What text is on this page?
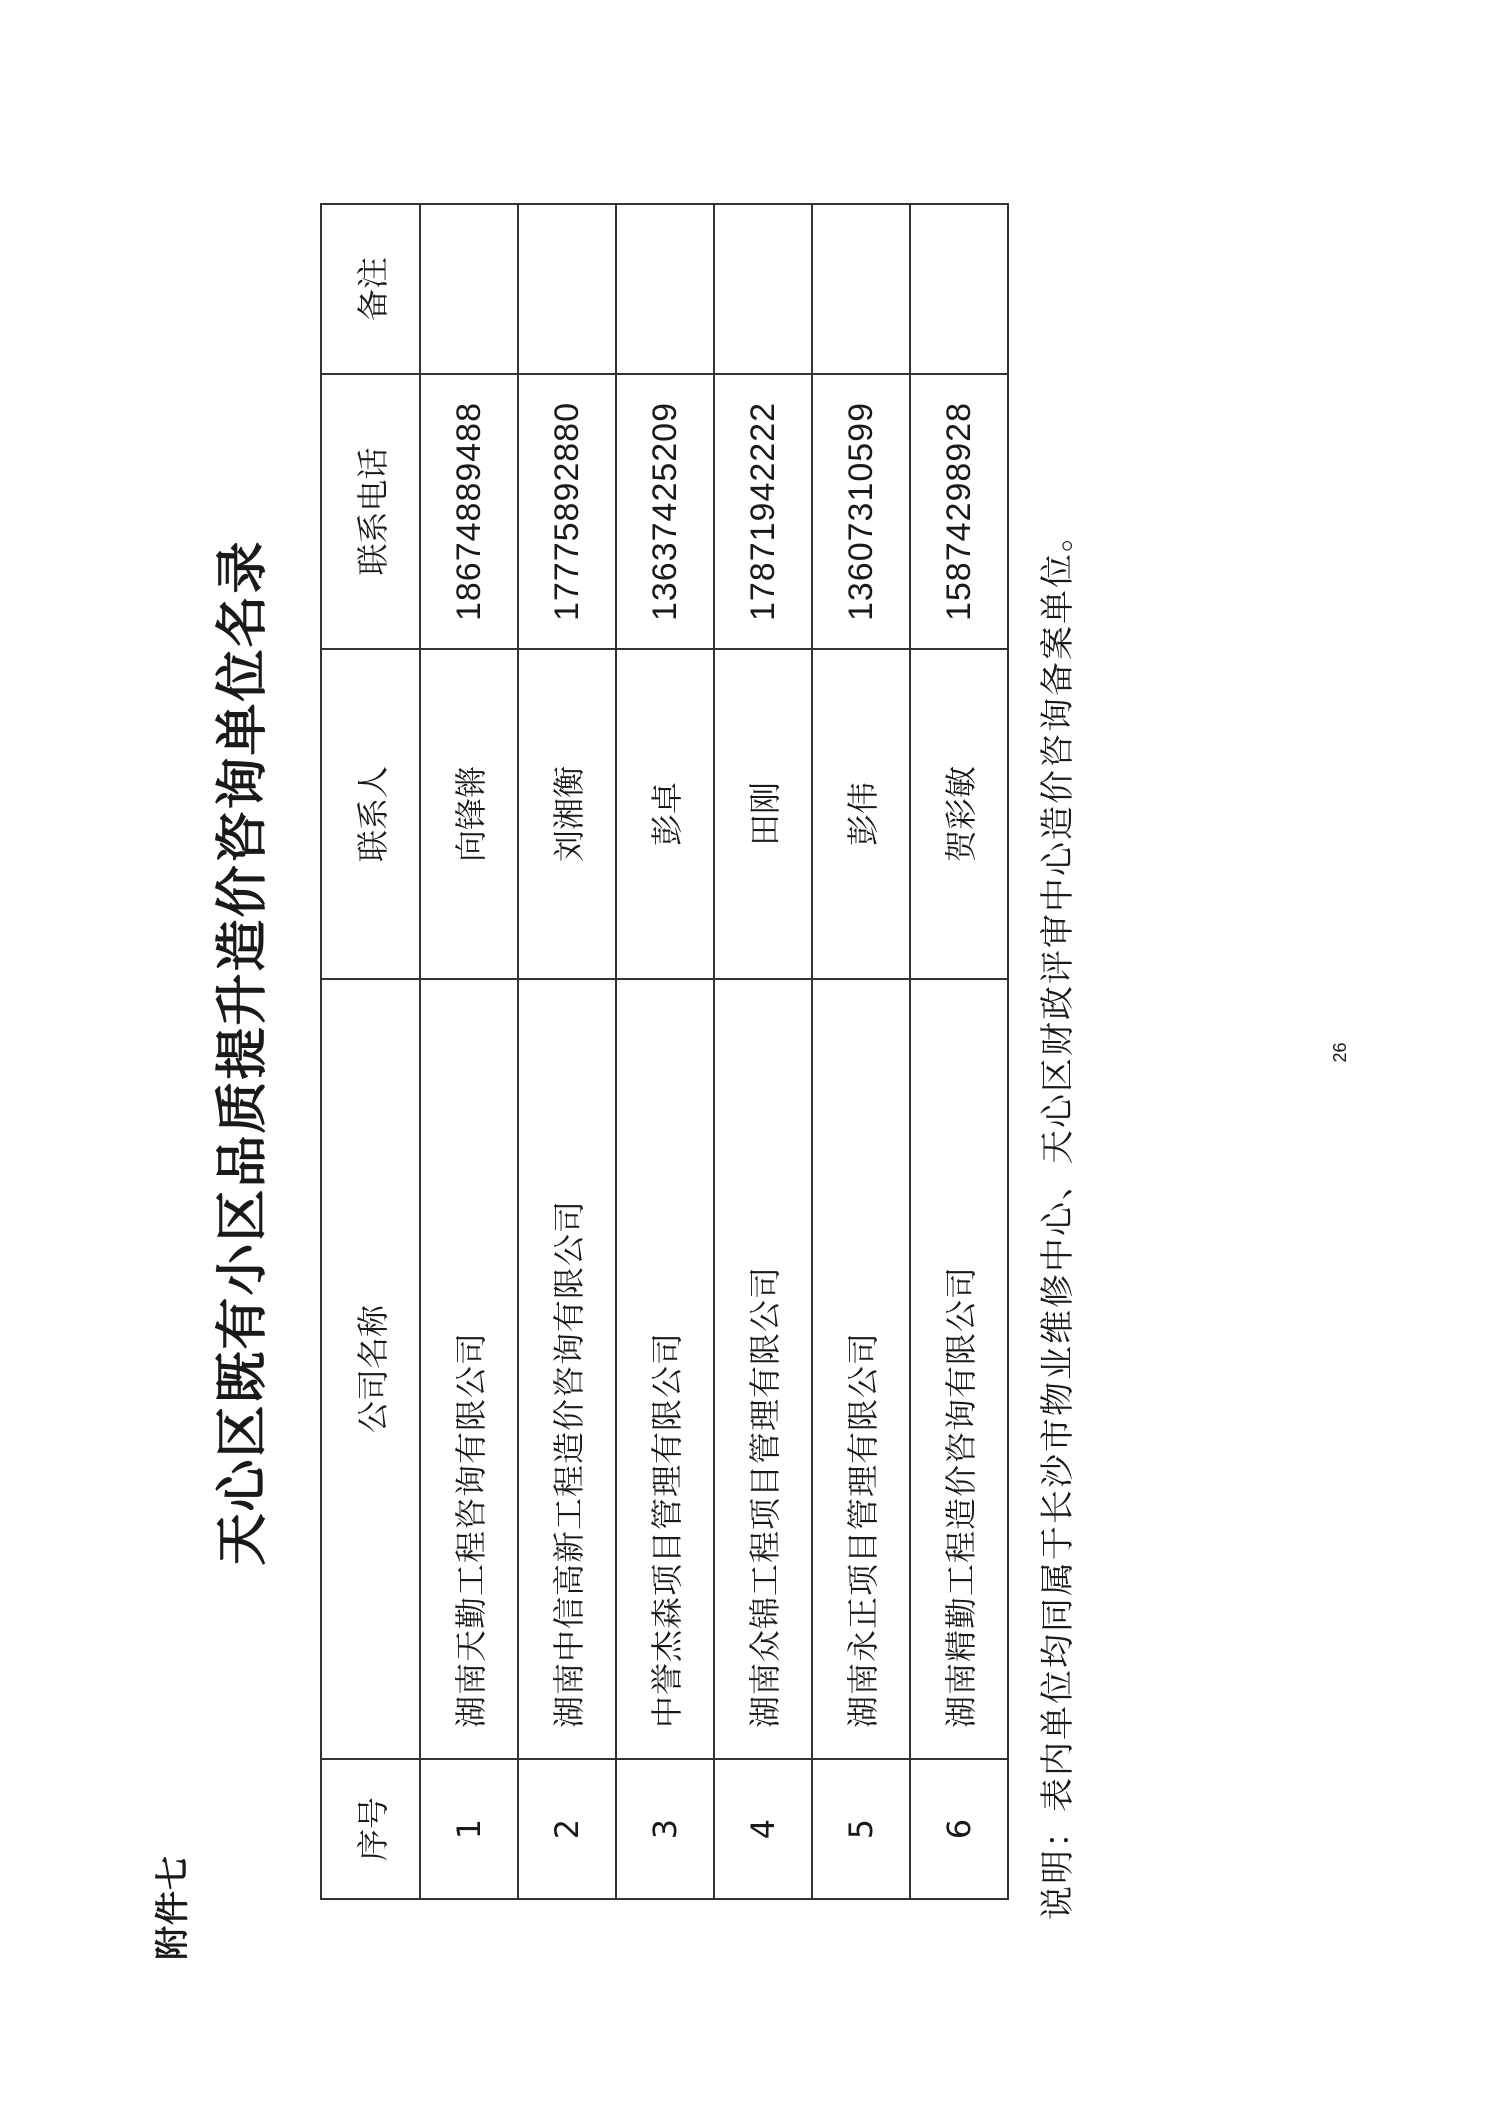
附件七
天心区既有小区品质提升造价咨询单位名录
序号	公司名称	联系人	联系电话	备注
1	湖南天勤工程咨询有限公司	向锋锵	18674889488	
2	湖南中信高新工程造价咨询有限公司	刘湘衡	17775892880	
3	中誉杰森项目管理有限公司	彭卓	13637425209	
4	湖南众锦工程项目管理有限公司	田刚	17871942222	
5	湖南永正项目管理有限公司	彭伟	13607310599	
6	湖南精勤工程造价咨询有限公司	贺彩敏	15874298928	
说明：表内单位均同属于长沙市物业维修中心、天心区财政评审中心造价咨询备案单位。	26
